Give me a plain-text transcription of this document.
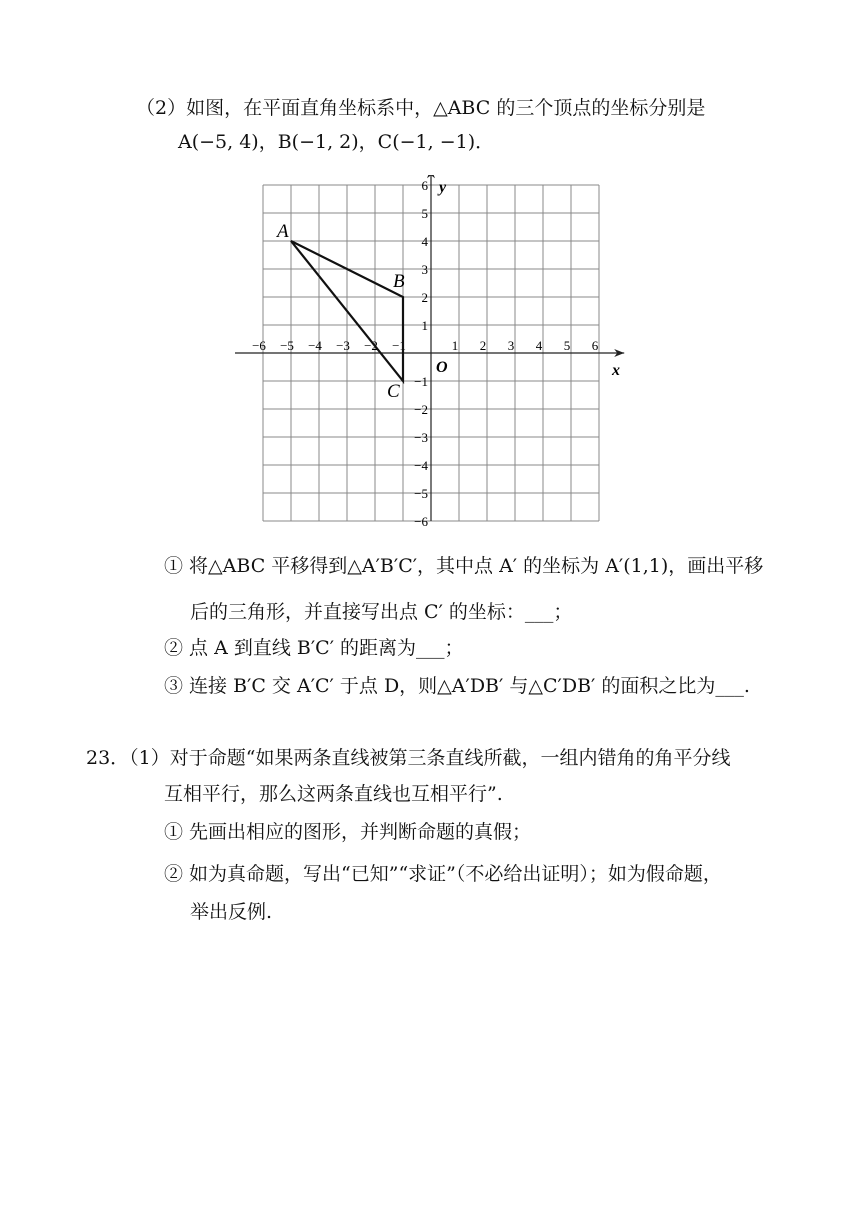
（2）如图，在平面直角坐标系中，△ABC 的三个顶点的坐标分别是
A(−5, 4)，B(−1, 2)，C(−1, −1)．
−6 −5 −4 −3 −2 −1	1 2 3 4 5 6
6
5
4
3
2
1
−1
−2
−3
−4
−5
−6
A
B
C
y
x
O
① 将△ABC 平移得到△A′B′C′，其中点 A′ 的坐标为 A′(1,1)，画出平移
后的三角形，并直接写出点 C′ 的坐标：___；
② 点 A 到直线 B′C′ 的距离为___；
③ 连接 B′C 交 A′C′ 于点 D，则△A′DB′ 与△C′DB′ 的面积之比为___.
23．（1）对于命题“如果两条直线被第三条直线所截，一组内错角的角平分线
互相平行，那么这两条直线也互相平行”.
① 先画出相应的图形，并判断命题的真假；
② 如为真命题，写出“已知”“求证”（不必给出证明）；如为假命题，
举出反例.
